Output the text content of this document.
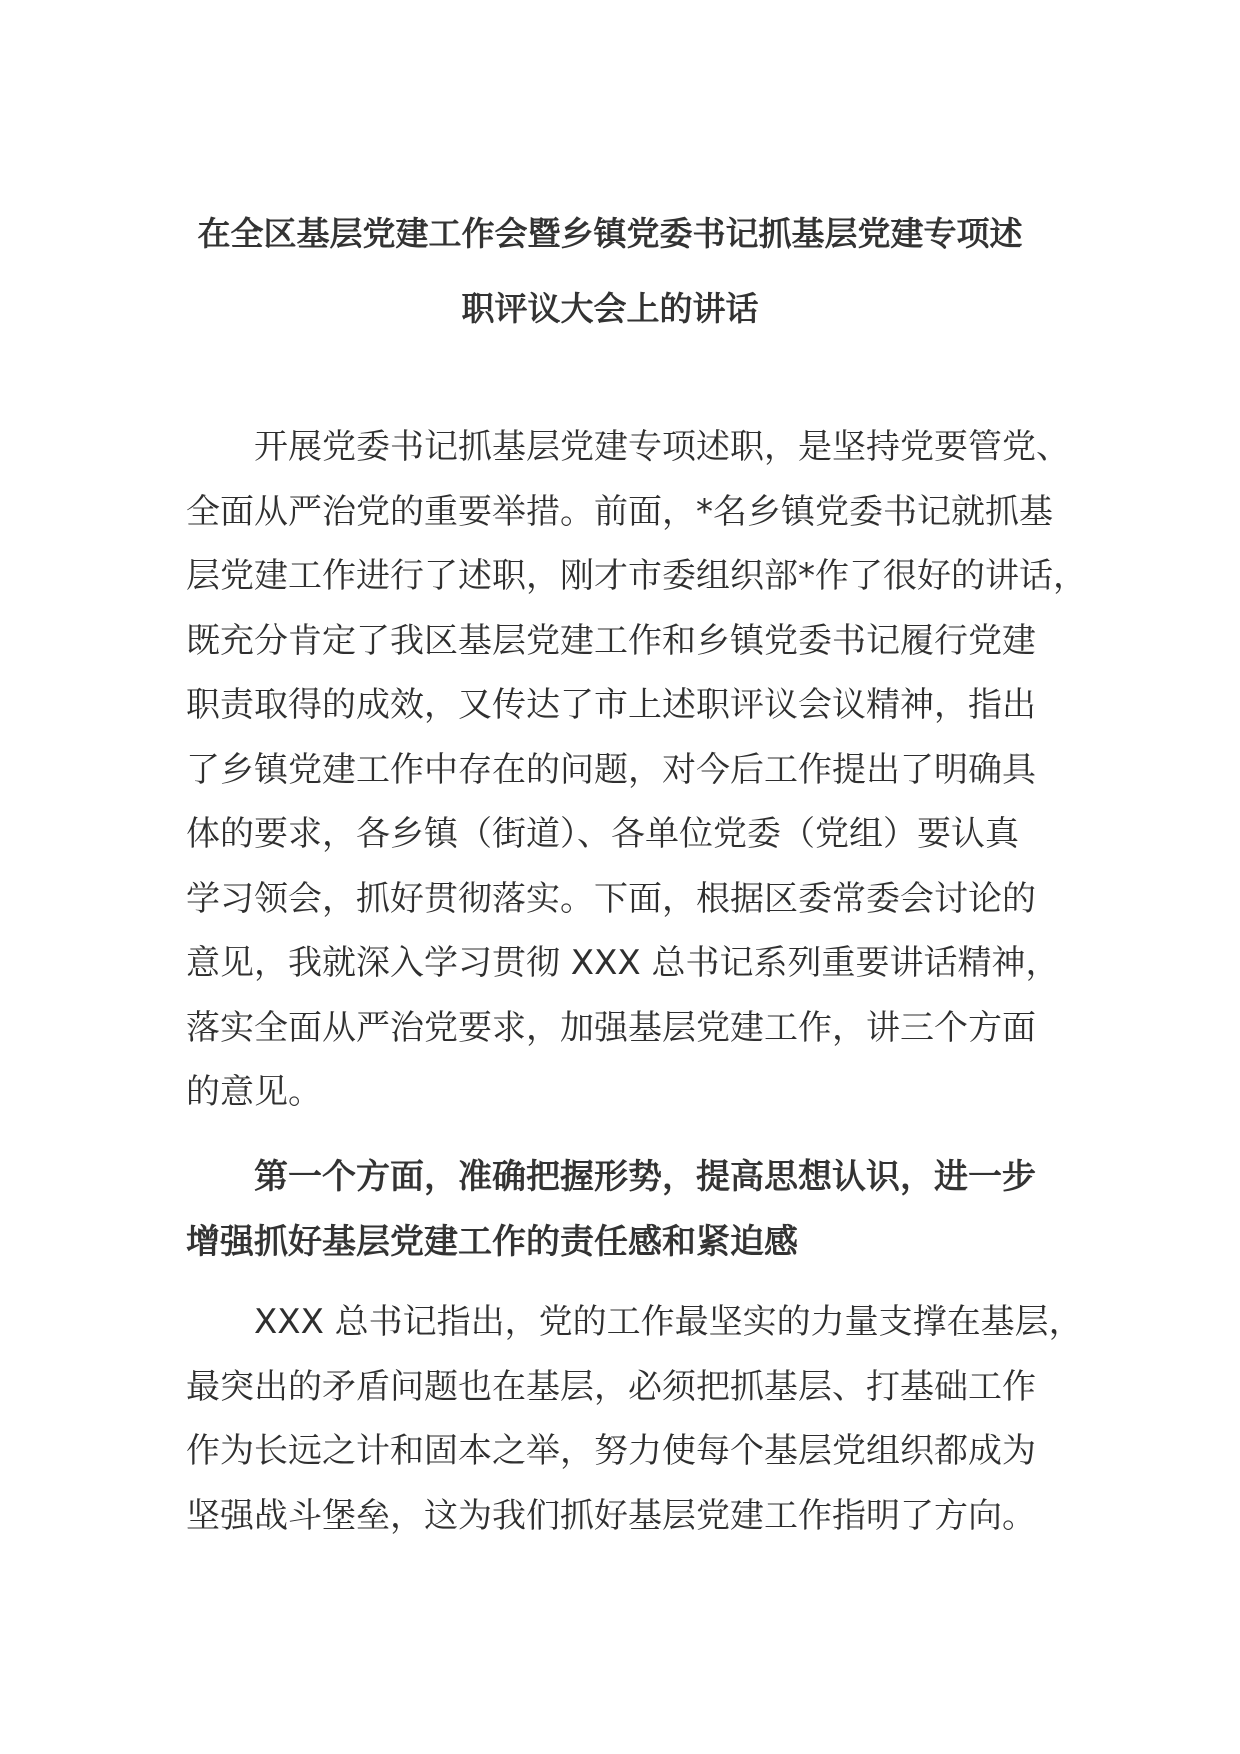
在全区基层党建工作会暨乡镇党委书记抓基层党建专项述
职评议大会上的讲话
开展党委书记抓基层党建专项述职，是坚持党要管党、
全面从严治党的重要举措。前面，*名乡镇党委书记就抓基
层党建工作进行了述职，刚才市委组织部*作了很好的讲话，
既充分肯定了我区基层党建工作和乡镇党委书记履行党建
职责取得的成效，又传达了市上述职评议会议精神，指出
了乡镇党建工作中存在的问题，对今后工作提出了明确具
体的要求，各乡镇（街道）、各单位党委（党组）要认真
学习领会，抓好贯彻落实。下面，根据区委常委会讨论的
意见，我就深入学习贯彻 XXX 总书记系列重要讲话精神，
落实全面从严治党要求，加强基层党建工作，讲三个方面
的意见。
第一个方面，准确把握形势，提高思想认识，进一步
增强抓好基层党建工作的责任感和紧迫感
XXX 总书记指出，党的工作最坚实的力量支撑在基层，
最突出的矛盾问题也在基层，必须把抓基层、打基础工作
作为长远之计和固本之举，努力使每个基层党组织都成为
坚强战斗堡垒，这为我们抓好基层党建工作指明了方向。
